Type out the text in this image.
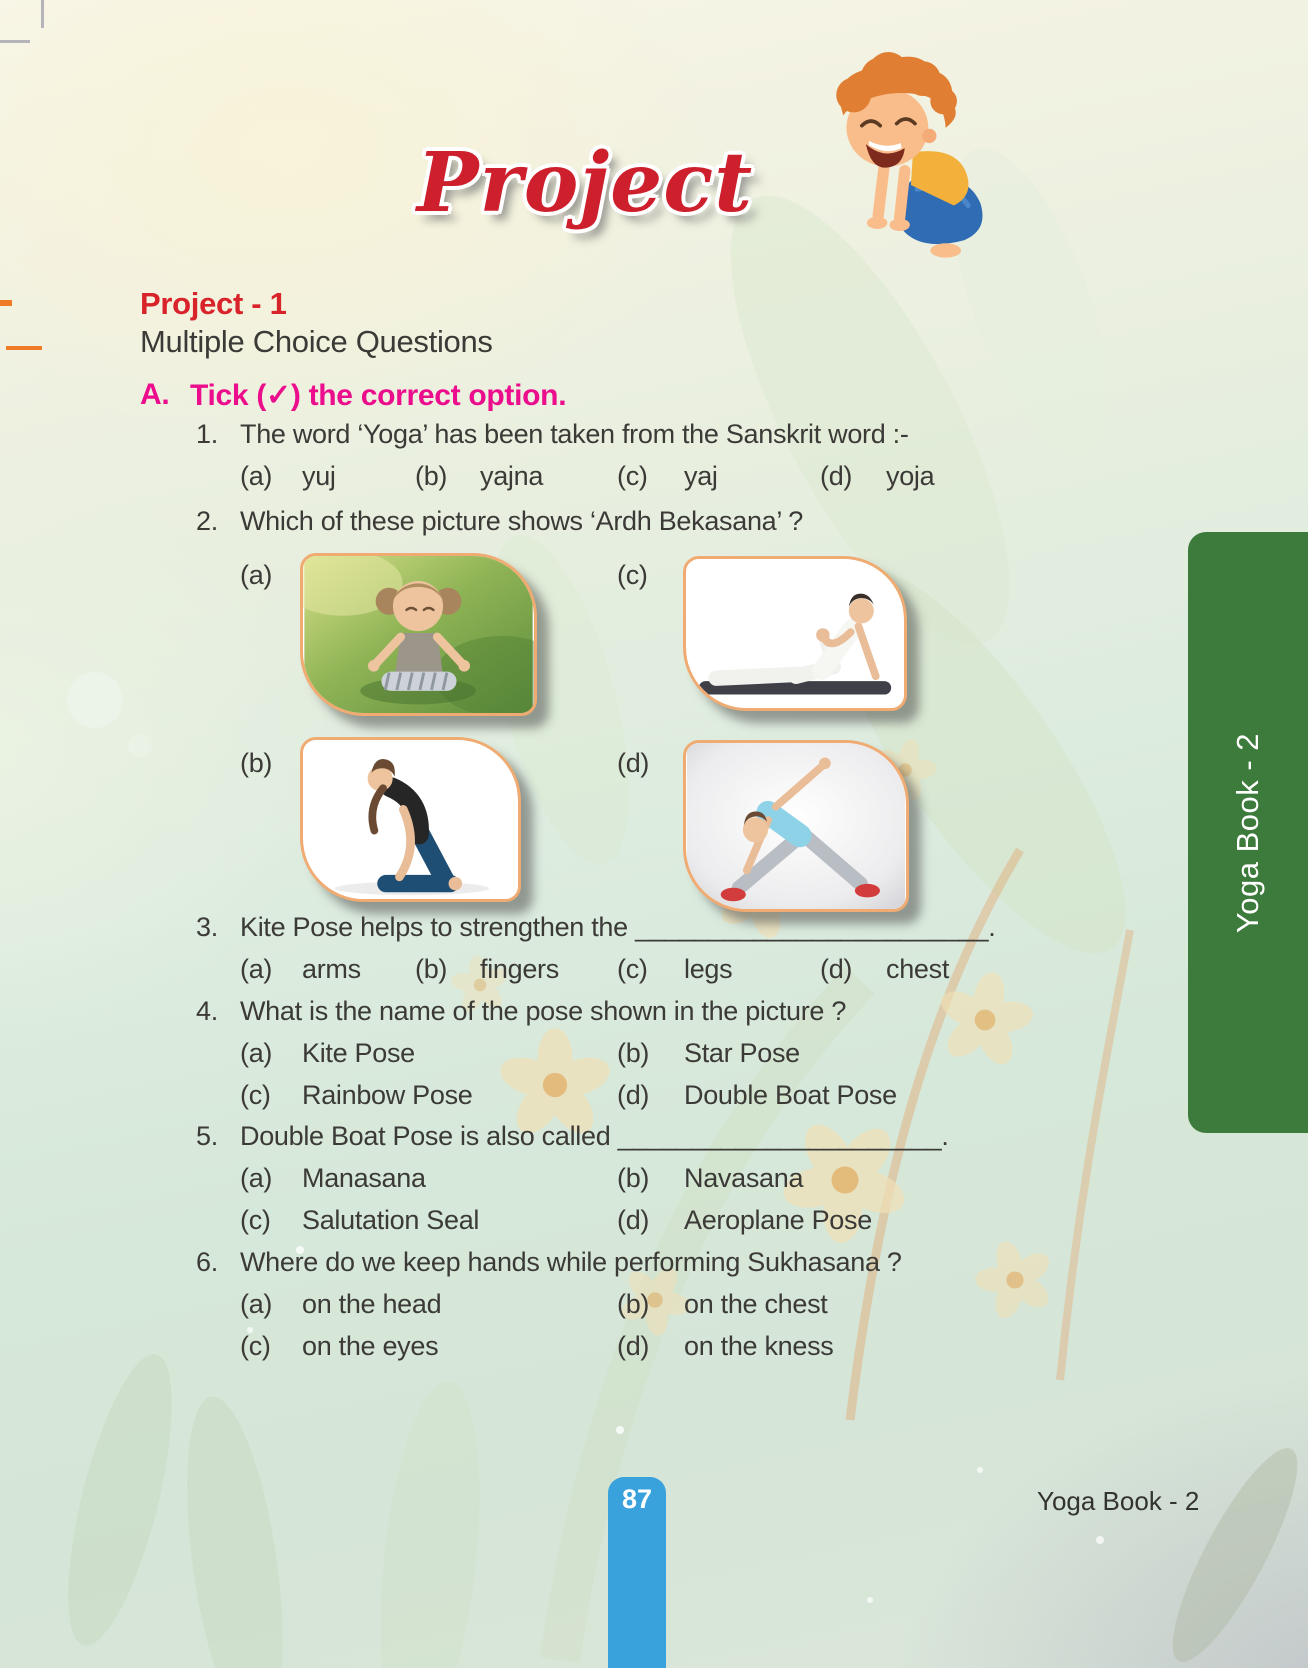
Project
Project - 1
Multiple Choice Questions
A. Tick (✓) the correct option.
1. The word ‘Yoga’ has been taken from the Sanskrit word :-
(a) yuj	(b) yajna	(c) yaj	(d) yoja
2. Which of these picture shows ‘Ardh Bekasana’ ?
(a)	(c)
(b)	(d)
3. Kite Pose helps to strengthen the ________________________.
(a) arms (b) fingers (c) legs	(d) chest
4. What is the name of the pose shown in the picture ?
(a) Kite Pose	(b) Star Pose
(c) Rainbow Pose	(d) Double Boat Pose
5. Double Boat Pose is also called ______________________.
(a) Manasana	(b) Navasana
(c) Salutation Seal	(d) Aeroplane Pose
6. Where do we keep hands while performing Sukhasana ?
(a) on the head	(b) on the chest
(c) on the eyes	(d) on the kness
87	Yoga Book - 2
Yoga Book - 2
